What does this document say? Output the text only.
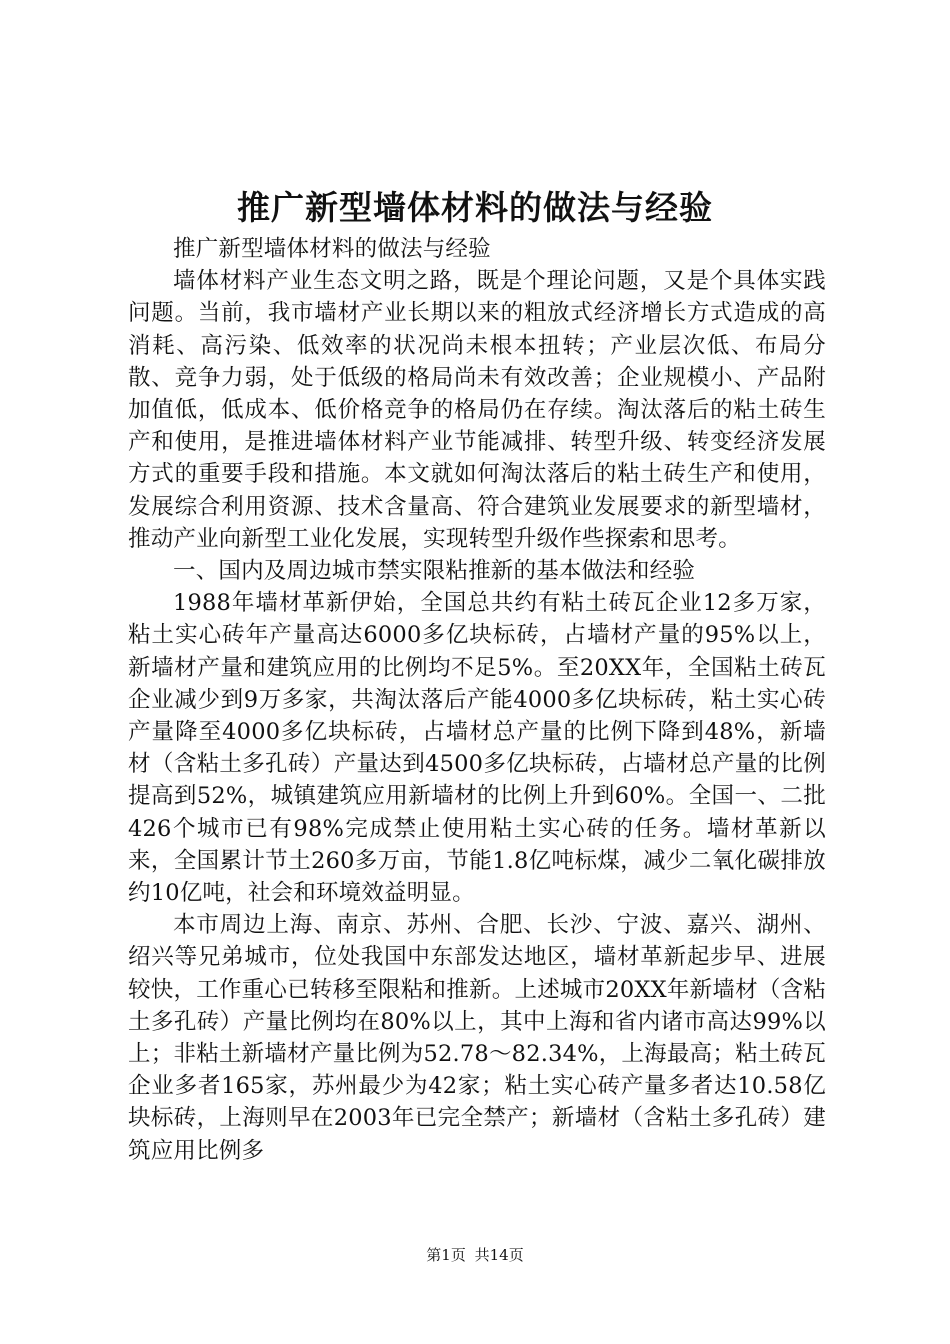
推广新型墙体材料的做法与经验

推广新型墙体材料的做法与经验

墙体材料产业生态文明之路，既是个理论问题，又是个具体实践问题。当前，我市墙材产业长期以来的粗放式经济增长方式造成的高消耗、高污染、低效率的状况尚未根本扭转；产业层次低、布局分散、竞争力弱，处于低级的格局尚未有效改善；企业规模小、产品附加值低，低成本、低价格竞争的格局仍在存续。淘汰落后的粘土砖生产和使用，是推进墙体材料产业节能减排、转型升级、转变经济发展方式的重要手段和措施。本文就如何淘汰落后的粘土砖生产和使用，发展综合利用资源、技术含量高、符合建筑业发展要求的新型墙材，推动产业向新型工业化发展，实现转型升级作些探索和思考。

一、国内及周边城市禁实限粘推新的基本做法和经验

1988年墙材革新伊始，全国总共约有粘土砖瓦企业12多万家，粘土实心砖年产量高达6000多亿块标砖，占墙材产量的95%以上，新墙材产量和建筑应用的比例均不足5%。至20XX年，全国粘土砖瓦企业减少到9万多家，共淘汰落后产能4000多亿块标砖，粘土实心砖产量降至4000多亿块标砖，占墙材总产量的比例下降到48%，新墙材（含粘土多孔砖）产量达到4500多亿块标砖，占墙材总产量的比例提高到52%，城镇建筑应用新墙材的比例上升到60%。全国一、二批426个城市已有98%完成禁止使用粘土实心砖的任务。墙材革新以来，全国累计节土260多万亩，节能1.8亿吨标煤，减少二氧化碳排放约10亿吨，社会和环境效益明显。

本市周边上海、南京、苏州、合肥、长沙、宁波、嘉兴、湖州、绍兴等兄弟城市，位处我国中东部发达地区，墙材革新起步早、进展较快，工作重心已转移至限粘和推新。上述城市20XX年新墙材（含粘土多孔砖）产量比例均在80%以上，其中上海和省内诸市高达99%以上；非粘土新墙材产量比例为52.78～82.34%，上海最高；粘土砖瓦企业多者165家，苏州最少为42家；粘土实心砖产量多者达10.58亿块标砖，上海则早在2003年已完全禁产；新墙材（含粘土多孔砖）建筑应用比例多

第1页 共14页
